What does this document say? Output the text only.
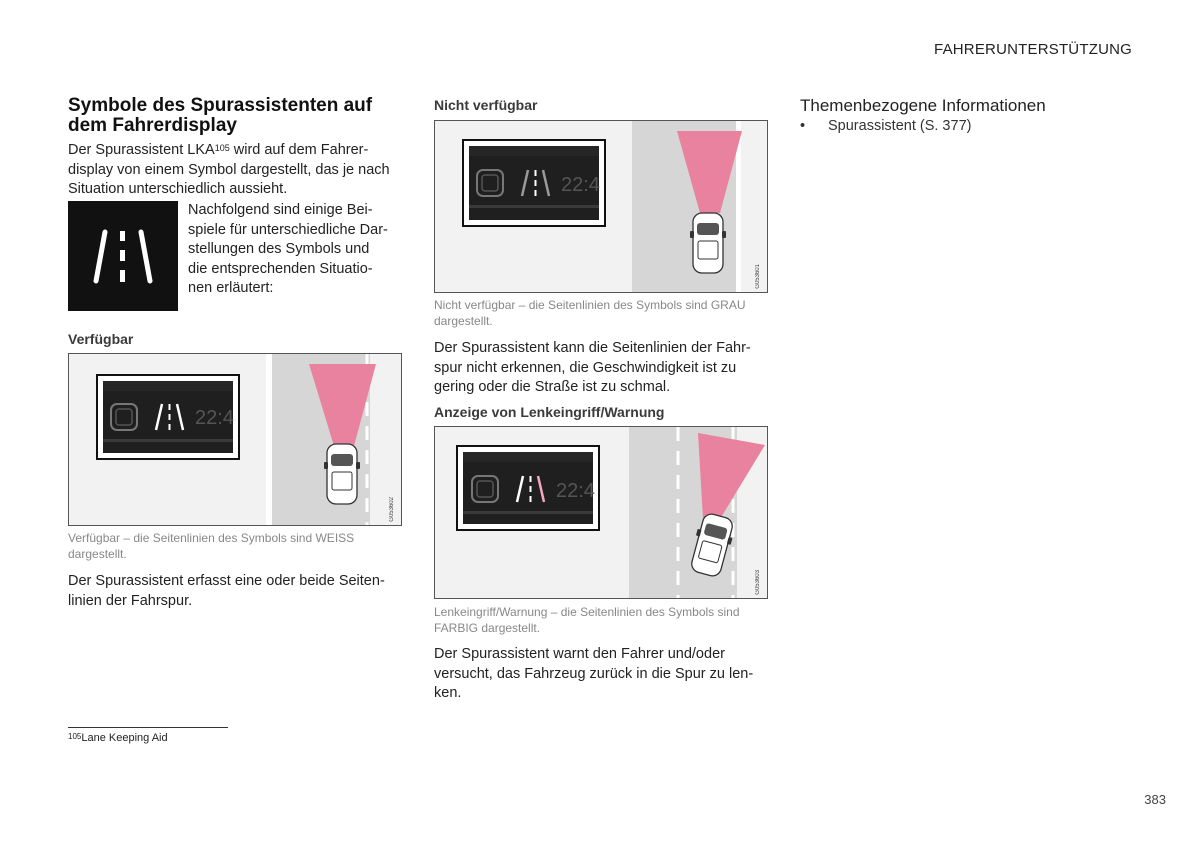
FAHRERUNTERSTÜTZUNG
Symbole des Spurassistenten auf dem Fahrerdisplay
Der Spurassistent LKA$^{105}$ wird auf dem Fahrerdisplay von einem Symbol dargestellt, das je nach Situation unterschiedlich aussieht.
Nachfolgend sind einige Beispiele für unterschiedliche Darstellungen des Symbols und die entsprechenden Situationen erläutert:
Verfügbar
22:4
G053602
Verfügbar – die Seitenlinien des Symbols sind WEISS dargestellt.
Der Spurassistent erfasst eine oder beide Seitenlinien der Fahrspur.
Nicht verfügbar
22:4
G053601
Nicht verfügbar – die Seitenlinien des Symbols sind GRAU dargestellt.
Der Spurassistent kann die Seitenlinien der Fahrspur nicht erkennen, die Geschwindigkeit ist zu gering oder die Straße ist zu schmal.
Anzeige von Lenkeingriff/Warnung
22:4
G053603
Lenkeingriff/Warnung – die Seitenlinien des Symbols sind FARBIG dargestellt.
Der Spurassistent warnt den Fahrer und/oder versucht, das Fahrzeug zurück in die Spur zu lenken.
Themenbezogene Informationen
• Spurassistent (S. 377)
$^{105}$Lane Keeping Aid
383
